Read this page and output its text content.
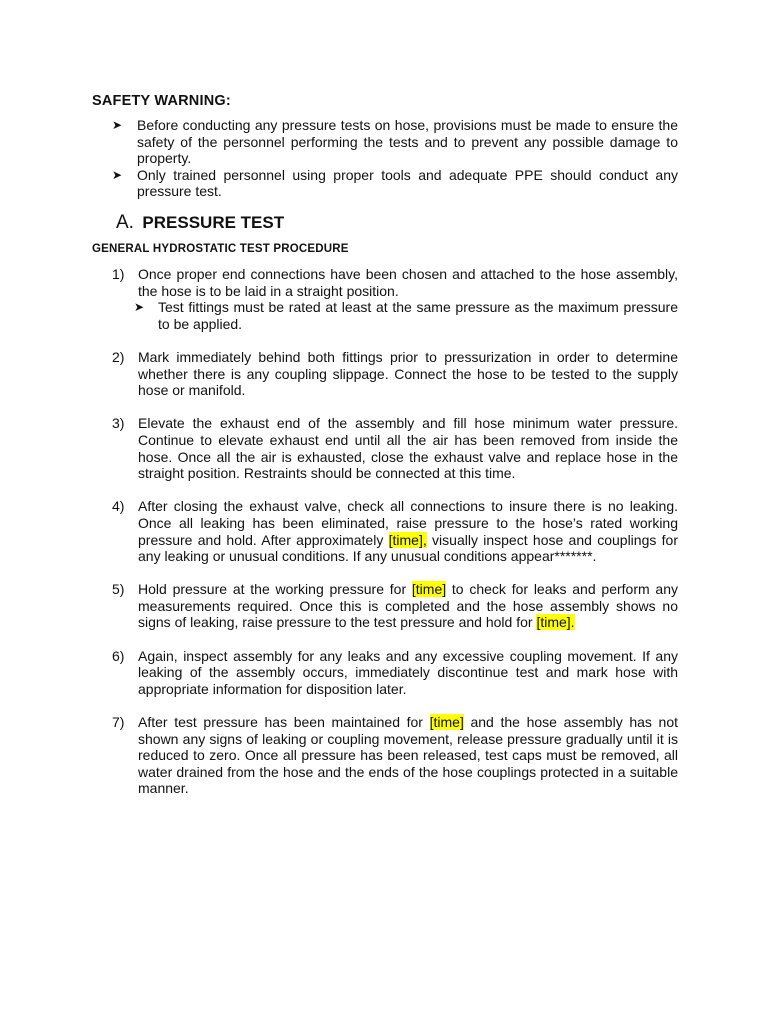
SAFETY WARNING:
➤ Before conducting any pressure tests on hose, provisions must be made to ensure the safety of the personnel performing the tests and to prevent any possible damage to property.
➤ Only trained personnel using proper tools and adequate PPE should conduct any pressure test.
A. PRESSURE TEST
GENERAL HYDROSTATIC TEST PROCEDURE
1) Once proper end connections have been chosen and attached to the hose assembly, the hose is to be laid in a straight position.
➤ Test fittings must be rated at least at the same pressure as the maximum pressure to be applied.
2) Mark immediately behind both fittings prior to pressurization in order to determine whether there is any coupling slippage. Connect the hose to be tested to the supply hose or manifold.
3) Elevate the exhaust end of the assembly and fill hose minimum water pressure. Continue to elevate exhaust end until all the air has been removed from inside the hose. Once all the air is exhausted, close the exhaust valve and replace hose in the straight position. Restraints should be connected at this time.
4) After closing the exhaust valve, check all connections to insure there is no leaking. Once all leaking has been eliminated, raise pressure to the hose’s rated working pressure and hold. After approximately [time], visually inspect hose and couplings for any leaking or unusual conditions. If any unusual conditions appear*******.
5) Hold pressure at the working pressure for [time] to check for leaks and perform any measurements required. Once this is completed and the hose assembly shows no signs of leaking, raise pressure to the test pressure and hold for [time].
6) Again, inspect assembly for any leaks and any excessive coupling movement. If any leaking of the assembly occurs, immediately discontinue test and mark hose with appropriate information for disposition later.
7) After test pressure has been maintained for [time] and the hose assembly has not shown any signs of leaking or coupling movement, release pressure gradually until it is reduced to zero. Once all pressure has been released, test caps must be removed, all water drained from the hose and the ends of the hose couplings protected in a suitable manner.
